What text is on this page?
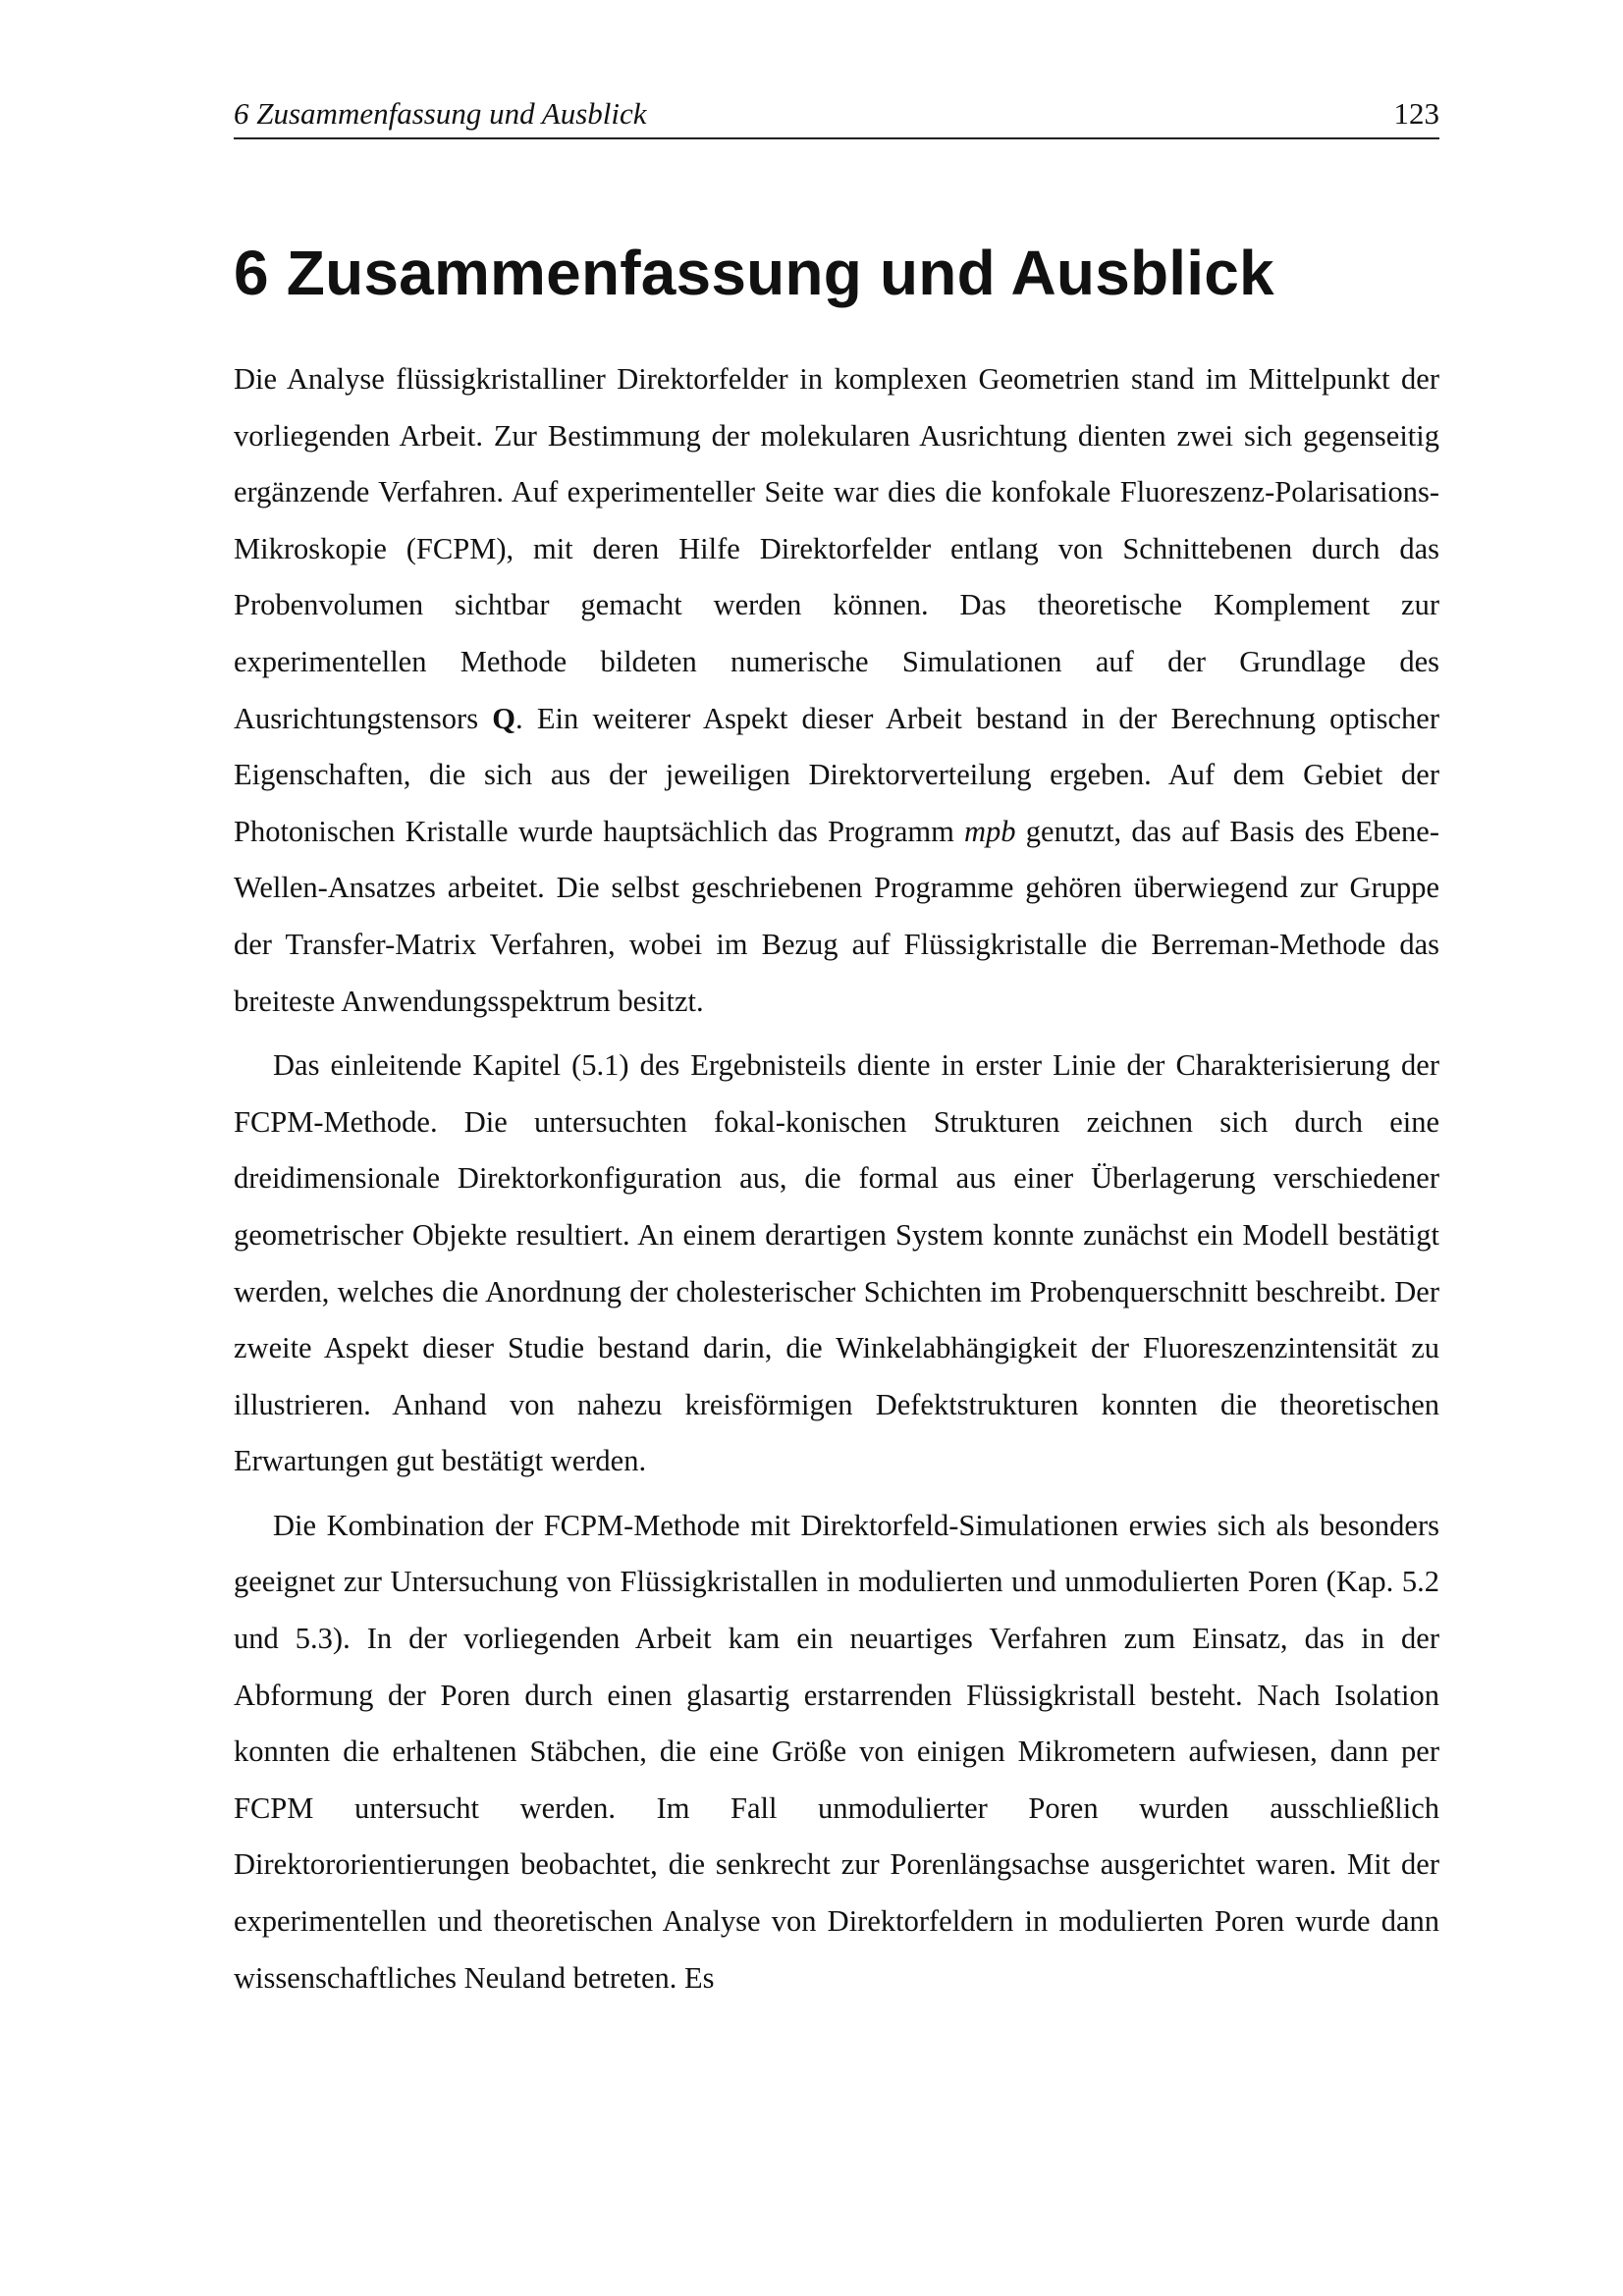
6 Zusammenfassung und Ausblick	123
6 Zusammenfassung und Ausblick

Die Analyse flüssigkristalliner Direktorfelder in komplexen Geometrien stand im Mittelpunkt der vorliegenden Arbeit. Zur Bestimmung der molekularen Ausrichtung dienten zwei sich gegenseitig ergänzende Verfahren. Auf experimenteller Seite war dies die konfokale Fluoreszenz-Polarisations-Mikroskopie (FCPM), mit deren Hilfe Direktorfelder entlang von Schnittebenen durch das Probenvolumen sichtbar gemacht werden können. Das theoretische Komplement zur experimentellen Methode bildeten numerische Simulationen auf der Grundlage des Ausrichtungstensors Q. Ein weiterer Aspekt dieser Arbeit bestand in der Berechnung optischer Eigenschaften, die sich aus der jeweiligen Direktorverteilung ergeben. Auf dem Gebiet der Photonischen Kristalle wurde hauptsächlich das Programm mpb genutzt, das auf Basis des Ebene-Wellen-Ansatzes arbeitet. Die selbst geschriebenen Programme gehören überwiegend zur Gruppe der Transfer-Matrix Verfahren, wobei im Bezug auf Flüssigkristalle die Berreman-Methode das breiteste Anwendungsspektrum besitzt.

Das einleitende Kapitel (5.1) des Ergebnisteils diente in erster Linie der Charakterisierung der FCPM-Methode. Die untersuchten fokal-konischen Strukturen zeichnen sich durch eine dreidimensionale Direktorkonfiguration aus, die formal aus einer Überlagerung verschiedener geometrischer Objekte resultiert. An einem derartigen System konnte zunächst ein Modell bestätigt werden, welches die Anordnung der cholesterischer Schichten im Probenquerschnitt beschreibt. Der zweite Aspekt dieser Studie bestand darin, die Winkelabhängigkeit der Fluoreszenzintensität zu illustrieren. Anhand von nahezu kreisförmigen Defektstrukturen konnten die theoretischen Erwartungen gut bestätigt werden.

Die Kombination der FCPM-Methode mit Direktorfeld-Simulationen erwies sich als besonders geeignet zur Untersuchung von Flüssigkristallen in modulierten und unmodulierten Poren (Kap. 5.2 und 5.3). In der vorliegenden Arbeit kam ein neuartiges Verfahren zum Einsatz, das in der Abformung der Poren durch einen glasartig erstarrenden Flüssigkristall besteht. Nach Isolation konnten die erhaltenen Stäbchen, die eine Größe von einigen Mikrometern aufwiesen, dann per FCPM untersucht werden. Im Fall unmodulierter Poren wurden ausschließlich Direktororientierungen beobachtet, die senkrecht zur Porenlängsachse ausgerichtet waren. Mit der experimentellen und theoretischen Analyse von Direktorfeldern in modulierten Poren wurde dann wissenschaftliches Neuland betreten. Es
